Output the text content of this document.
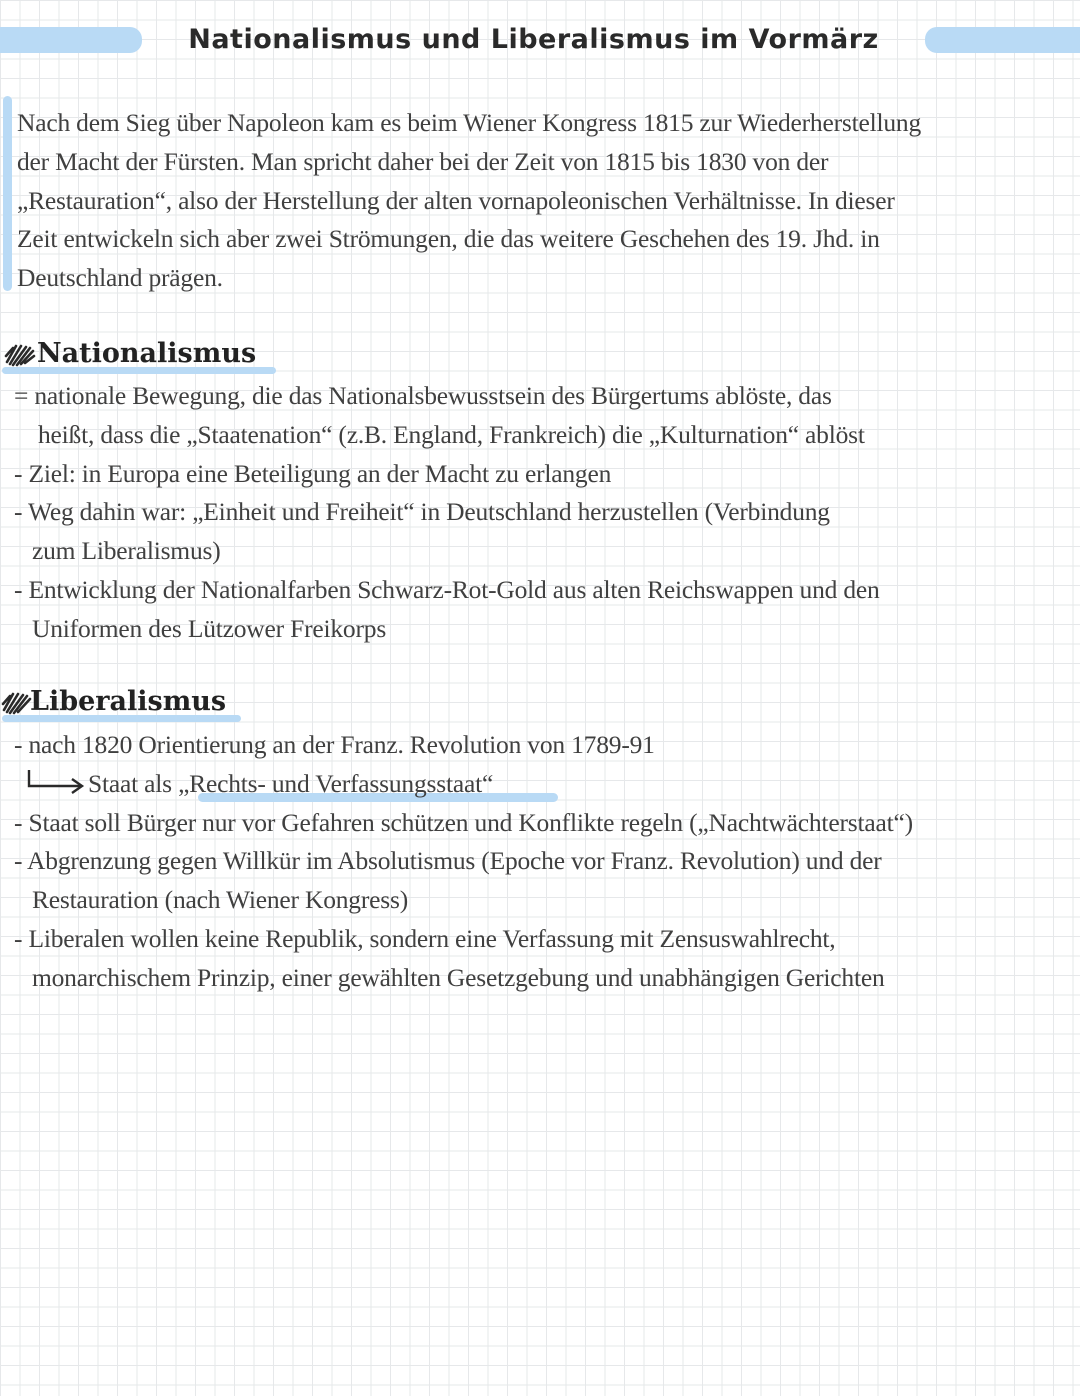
Nationalismus und Liberalismus im Vormärz

Nach dem Sieg über Napoleon kam es beim Wiener Kongress 1815 zur Wiederherstellung

der Macht der Fürsten. Man spricht daher bei der Zeit von 1815 bis 1830 von der

„Restauration“, also der Herstellung der alten vornapoleonischen Verhältnisse. In dieser

Zeit entwickeln sich aber zwei Strömungen, die das weitere Geschehen des 19. Jhd. in

Deutschland prägen.

Nationalismus

= nationale Bewegung, die das Nationalsbewusstsein des Bürgertums ablöste, das

heißt, dass die „Staatenation“ (z.B. England, Frankreich) die „Kulturnation“ ablöst

- Ziel: in Europa eine Beteiligung an der Macht zu erlangen

- Weg dahin war: „Einheit und Freiheit“ in Deutschland herzustellen (Verbindung

zum Liberalismus)

- Entwicklung der Nationalfarben Schwarz-Rot-Gold aus alten Reichswappen und den

Uniformen des Lützower Freikorps

Liberalismus

- nach 1820 Orientierung an der Franz. Revolution von 1789-91

Staat als „Rechts- und Verfassungsstaat“

- Staat soll Bürger nur vor Gefahren schützen und Konflikte regeln („Nachtwächterstaat“)

- Abgrenzung gegen Willkür im Absolutismus (Epoche vor Franz. Revolution) und der

Restauration (nach Wiener Kongress)

- Liberalen wollen keine Republik, sondern eine Verfassung mit Zensuswahlrecht,

monarchischem Prinzip, einer gewählten Gesetzgebung und unabhängigen Gerichten
